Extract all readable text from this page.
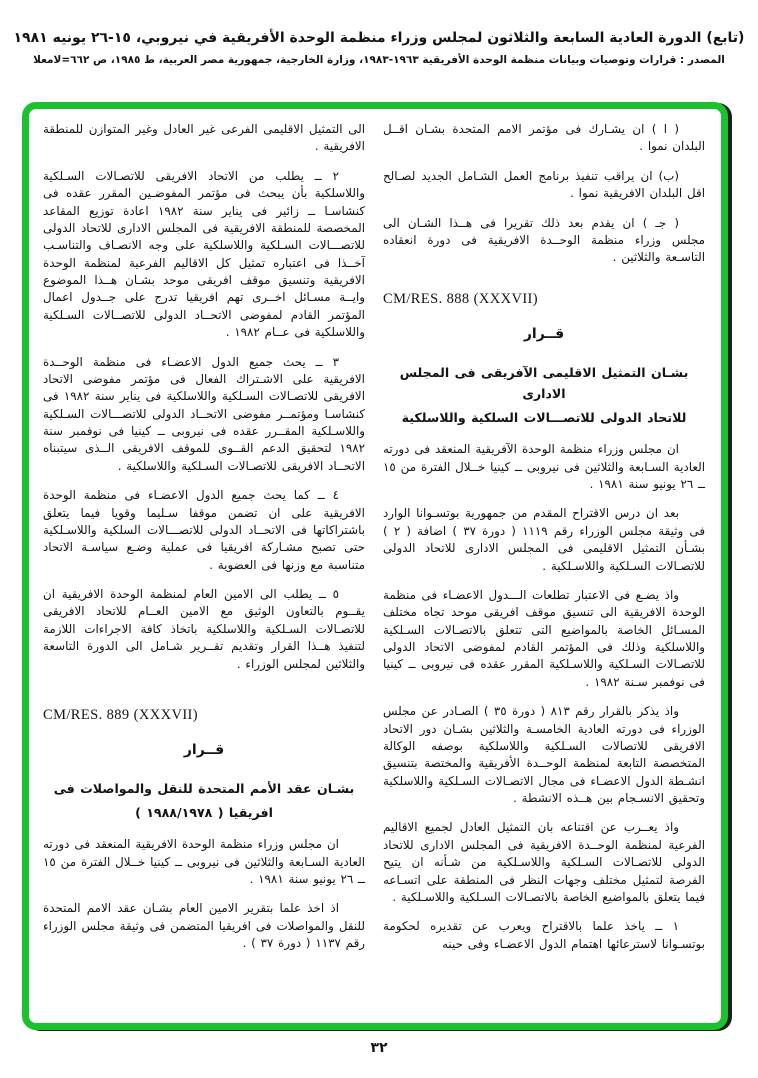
(تابع) الدورة العادية السابعة والثلاثون لمجلس وزراء منظمة الوحدة الأفريقية في نيروبي، ١٥-٢٦ يونيه ١٩٨١
المصدر : قرارات وتوصيات وبيانات منظمة الوحدة الأفريقية ١٩٦٣-١٩٨٣، وزارة الخارجية، جمهورية مصر العربية، ط ١٩٨٥، ص ٦٦٢=لامعلا

( ا ) ان يشـارك فى مؤتمر الامم المتحدة بشـان اقــل البلدان نموا .

(ب) ان يراقب تنفيذ برنامج العمل الشـامل الجديد لصـالح اقل البلدان الافريقية نموا .

( جـ ) ان يقدم بعد ذلك تقريرا فى هــذا الشـان الى مجلس وزراء منظمة الوحــدة الافريقية فى دورة انعقاده التاسـعة والثلاثين .

CM/RES. 888 (XXXVII)

قــرار

بشـان التمثيل الاقليمى الآفريقى فى المجلس الادارى

للاتحاد الدولى للاتصـــالات السلكية واللاسلكية

ان مجلس وزراء منظمة الوحدة الآفريقية المنعقد فى دورته العادية السـابعة والثلاثين فى نيروبى ــ كينيا خــلال الفترة من ١٥ ــ ٢٦ يونيو سنة ١٩٨١ .

بعد ان درس الاقتراح المقدم من جمهورية بوتسـوانا الوارد فى وثيقة مجلس الوزراء رقم ١١١٩ ( دورة ٣٧ ) اضافة ( ٢ ) بشـأن التمثيل الاقليمى فى المجلس الادارى للاتحاد الدولى للاتصـالات السـلكية واللاسـلكية .

واذ يضـع فى الاعتبار تطلعات الـــدول الاعضـاء فى منظمة الوحدة الافريقية الى تنسيق موقف افريقى موحد تجاه مختلف المسـائل الخاصة بالمواضيع التى تتعلق بالاتصـالات السـلكية واللاسلكية وذلك فى المؤتمر القادم لمفوضى الاتحاد الدولى للاتصـالات السـلكية واللاسـلكية المقرر عقده فى نيروبى ــ كينيا فى نوفمبر سـنة ١٩٨٢ .

واذ يذكر بالقرار رقم ٨١٣ ( دورة ٣٥ ) الصـادر عن مجلس الوزراء فى دورته العادية الخامسـة والثلاثين بشـان دور الاتحاد الافريقى للاتصالات السـلكية واللاسلكية بوصفه الوكالة المتخصصة التابعة لمنظمة الوحــدة الأفريقية والمختصة بتنسيق انشـطة الدول الاعضـاء فى مجال الاتصـالات السـلكية واللاسلكية وتحقيق الانسـجام بين هــذه الانشطة .

واذ يعــرب عن اقتناعه بان التمثيل العادل لجميع الاقاليم الفرعية لمنظمة الوحــدة الافريقية فى المجلس الادارى للاتحاد الدولى للاتصـالات السـلكية واللاسـلكية من شـأنه ان يتيح الفرصة لتمثيل مختلف وجهات النظر فى المنطقة على اتسـاعه فيما يتعلق بالمواضيع الخاصة بالاتصـالات السـلكية واللاسـلكية .

١ ــ ياخذ علما بالاقتراح ويعرب عن تقديره لحكومة بوتسـوانا لاسترعائها اهتمام الدول الاعضـاء وفى حينه

الى التمثيل الاقليمى الفرعى غير العادل وغير المتوازن للمنطقة الافريقية .

٢ ــ يطلب من الاتحاد الافريقى للاتصـالات السـلكية واللاسلكية بأن يبحث فى مؤتمر المفوضـين المقرر عقده فى كنشاسـا ــ زائير فى يناير سنة ١٩٨٢ اعادة توزيع المقاعد المخصصة للمنطقة الافريقية فى المجلس الادارى للاتحاد الدولى للاتصـــالات السـلكية واللاسلكية على وجه الانصـاف والتناسـب آخــذا فى اعتباره تمثيل كل الاقاليم الفرعية لمنظمة الوحدة الافريقية وتنسيق موقف افريقى موحد بشـان هــذا الموضوع وايــة مسـائل اخــرى تهم افريقيا تدرج على جــدول اعمال المؤتمر القادم لمفوضى الاتحــاد الدولى للاتصــالات السـلكية واللاسلكية فى عــام ١٩٨٢ .

٣ ــ يحث جميع الدول الاعضـاء فى منظمة الوحــدة الافريقية على الاشـتراك الفعال فى مؤتمر مفوضى الاتحاد الافريقى للاتصـالات السـلكية واللاسلكية فى يناير سنة ١٩٨٢ فى كنشاسـا ومؤتمــر مفوضى الاتحــاد الدولى للاتصـــالات السـلكية واللاسـلكية المقــرر عقده فى نيروبى ــ كينيا فى نوفمبر سنة ١٩٨٢ لتحقيق الدعم القــوى للموقف الافريقى الــذى سيتبناه الاتحــاد الافريقى للاتصـالات السـلكية واللاسلكية .

٤ ــ كما يحث جميع الدول الاعضـاء فى منظمة الوحدة الافريقية على ان تضمن موقفا سـليما وقويا فيما يتعلق باشتراكاتها فى الاتحــاد الدولى للاتصـــالات السلكية واللاسـلكية حتى تصبح مشـاركة افريقيا فى عملية وضـع سياسـة الاتحاد متناسبة مع وزنها فى العضوية .

٥ ــ يطلب الى الامين العام لمنظمة الوحدة الافريقية ان يقــوم بالتعاون الوثيق مع الامين العــام للاتحاد الافريقى للاتصـالات السـلكية واللاسلكية باتخاذ كافة الاجراءات اللازمة لتنفيذ هــذا القرار وتقديم تقــرير شـامل الى الدورة التاسعة والثلاثين لمجلس الوزراء .

CM/RES. 889 (XXXVII)

قــرار

بشـان عقد الأمم المتحدة للنقل والمواصلات فى

افريقيا ( ١٩٨٨/١٩٧٨ )

ان مجلس وزراء منظمة الوحدة الافريقية المنعقد فى دورته العادية السـابعة والثلاثين فى نيروبى ــ كينيا خــلال الفترة من ١٥ ــ ٢٦ يونيو سنة ١٩٨١ .

اذ اخذ علما بتقرير الامين العام بشـان عقد الامم المتحدة للنقل والمواصلات فى افريقيا المتضمن فى وثيقة مجلس الوزراء رقم ١١٣٧ ( دورة ٣٧ ) .

٣٢
